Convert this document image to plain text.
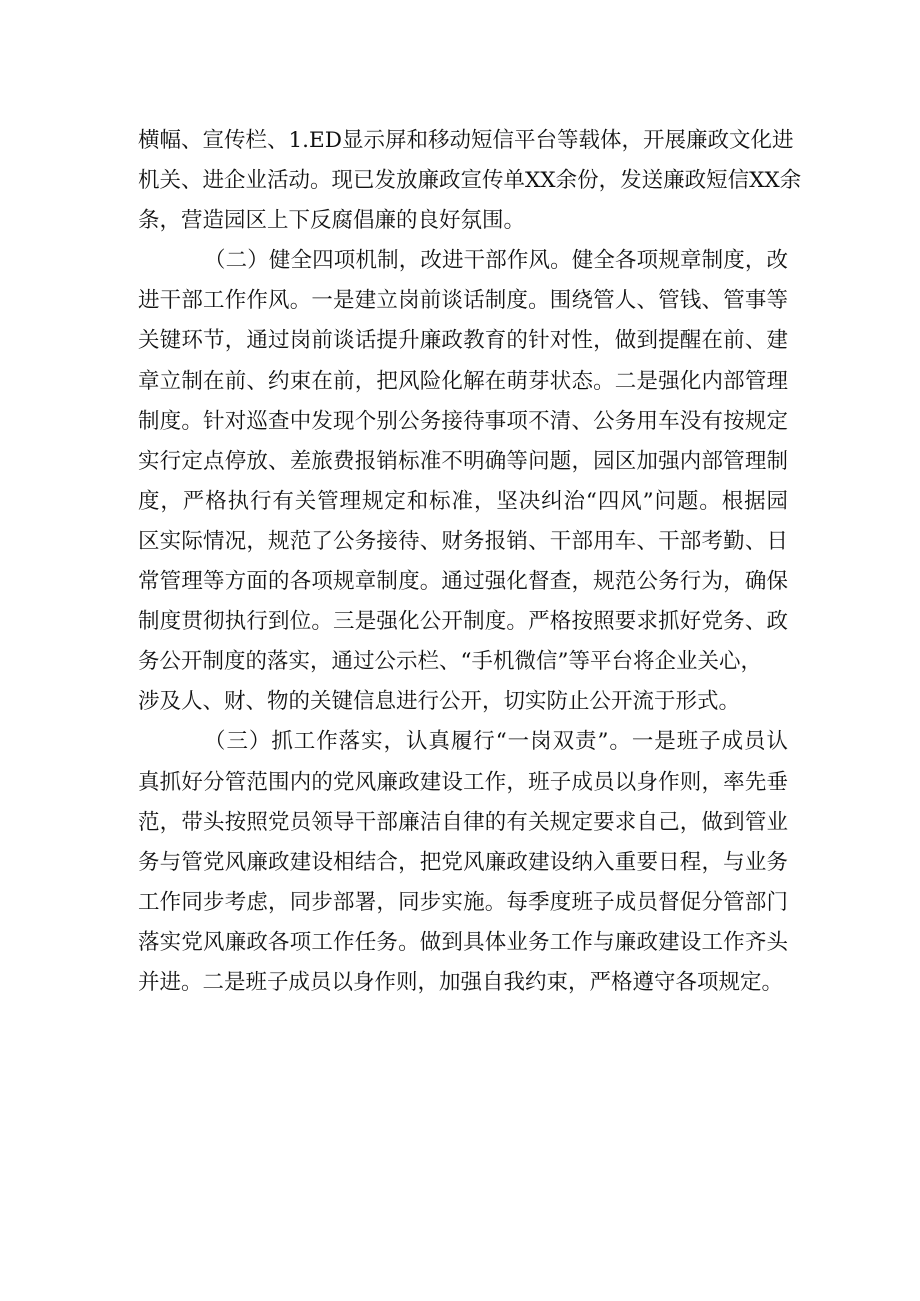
横幅、宣传栏、1.ED显示屏和移动短信平台等载体，开展廉政文化进
机关、进企业活动。现已发放廉政宣传单XX余份，发送廉政短信XX余
条，营造园区上下反腐倡廉的良好氛围。
（二）健全四项机制，改进干部作风。健全各项规章制度，改
进干部工作作风。一是建立岗前谈话制度。围绕管人、管钱、管事等
关键环节，通过岗前谈话提升廉政教育的针对性，做到提醒在前、建
章立制在前、约束在前，把风险化解在萌芽状态。二是强化内部管理
制度。针对巡查中发现个别公务接待事项不清、公务用车没有按规定
实行定点停放、差旅费报销标准不明确等问题，园区加强内部管理制
度，严格执行有关管理规定和标准，坚决纠治“四风”问题。根据园
区实际情况，规范了公务接待、财务报销、干部用车、干部考勤、日
常管理等方面的各项规章制度。通过强化督查，规范公务行为，确保
制度贯彻执行到位。三是强化公开制度。严格按照要求抓好党务、政
务公开制度的落实，通过公示栏、“手机微信”等平台将企业关心，
涉及人、财、物的关键信息进行公开，切实防止公开流于形式。
（三）抓工作落实，认真履行“一岗双责”。一是班子成员认
真抓好分管范围内的党风廉政建设工作，班子成员以身作则，率先垂
范，带头按照党员领导干部廉洁自律的有关规定要求自己，做到管业
务与管党风廉政建设相结合，把党风廉政建设纳入重要日程，与业务
工作同步考虑，同步部署，同步实施。每季度班子成员督促分管部门
落实党风廉政各项工作任务。做到具体业务工作与廉政建设工作齐头
并进。二是班子成员以身作则，加强自我约束，严格遵守各项规定。
